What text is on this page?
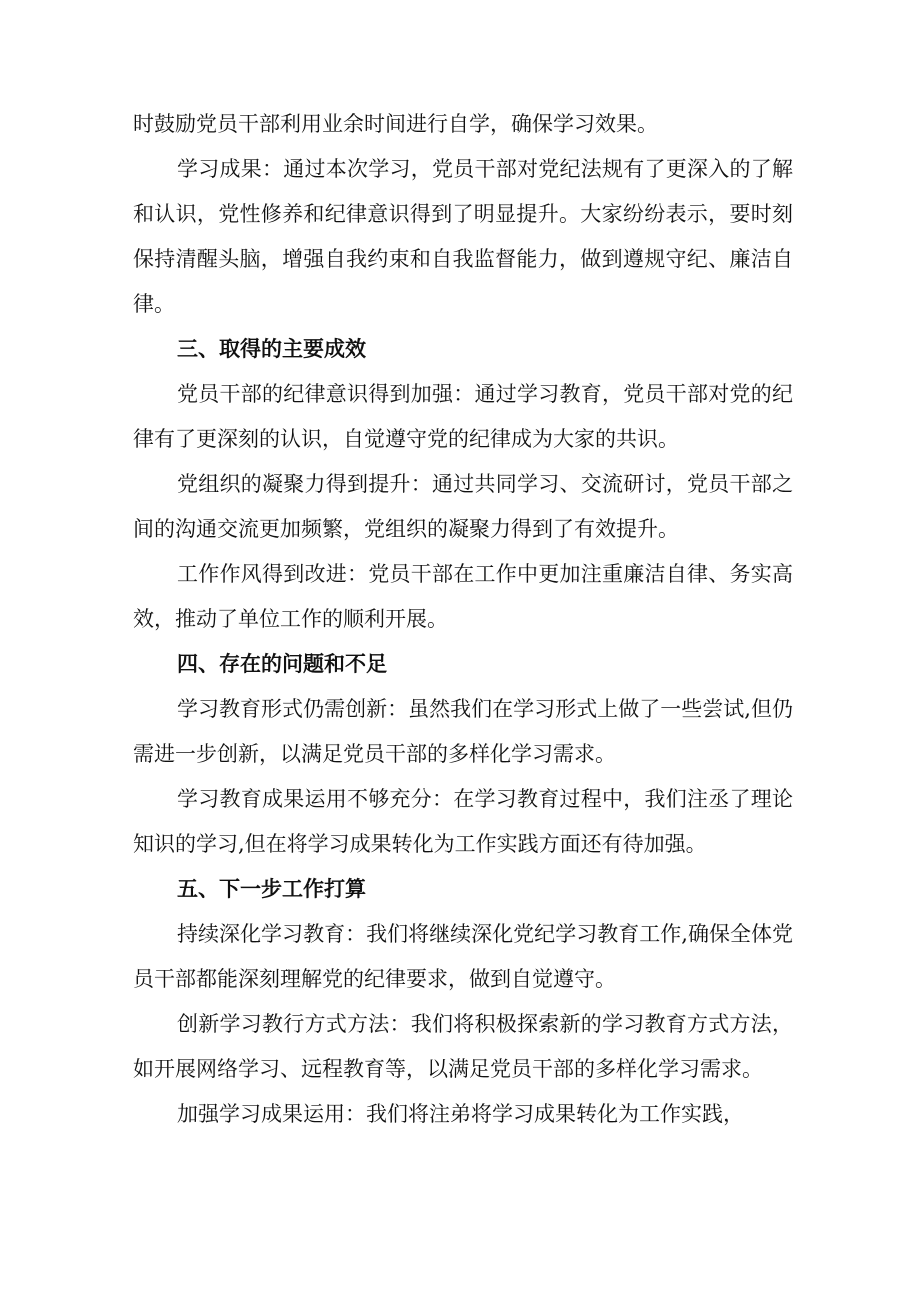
时鼓励党员干部利用业余时间进行自学，确保学习效果。

学习成果：通过本次学习，党员干部对党纪法规有了更深入的了解和认识，党性修养和纪律意识得到了明显提升。大家纷纷表示，要时刻保持清醒头脑，增强自我约束和自我监督能力，做到遵规守纪、廉洁自律。

三、取得的主要成效

党员干部的纪律意识得到加强：通过学习教育，党员干部对党的纪律有了更深刻的认识，自觉遵守党的纪律成为大家的共识。

党组织的凝聚力得到提升：通过共同学习、交流研讨，党员干部之间的沟通交流更加频繁，党组织的凝聚力得到了有效提升。

工作作风得到改进：党员干部在工作中更加注重廉洁自律、务实高效，推动了单位工作的顺利开展。

四、存在的问题和不足

学习教育形式仍需创新：虽然我们在学习形式上做了一些尝试,但仍需进一步创新，以满足党员干部的多样化学习需求。

学习教育成果运用不够充分：在学习教育过程中，我们注丞了理论知识的学习,但在将学习成果转化为工作实践方面还有待加强。

五、下一步工作打算

持续深化学习教育：我们将继续深化党纪学习教育工作,确保全体党员干部都能深刻理解党的纪律要求，做到自觉遵守。

创新学习教行方式方法：我们将积极探索新的学习教育方式方法，如开展网络学习、远程教育等，以满足党员干部的多样化学习需求。

加强学习成果运用：我们将注弟将学习成果转化为工作实践，
